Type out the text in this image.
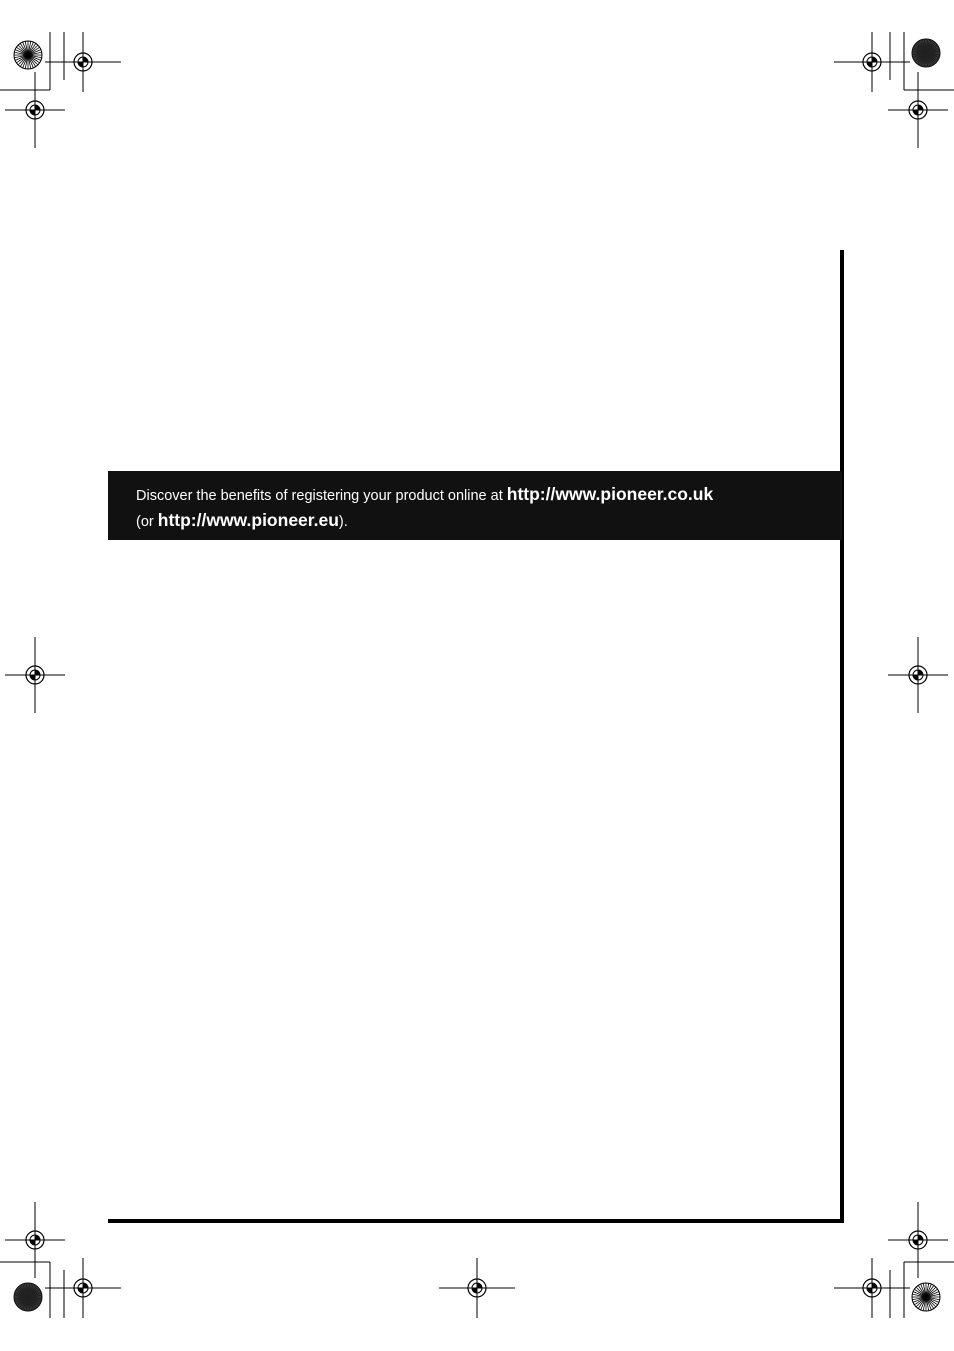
Discover the benefits of registering your product online at http://www.pioneer.co.uk
(or http://www.pioneer.eu).
